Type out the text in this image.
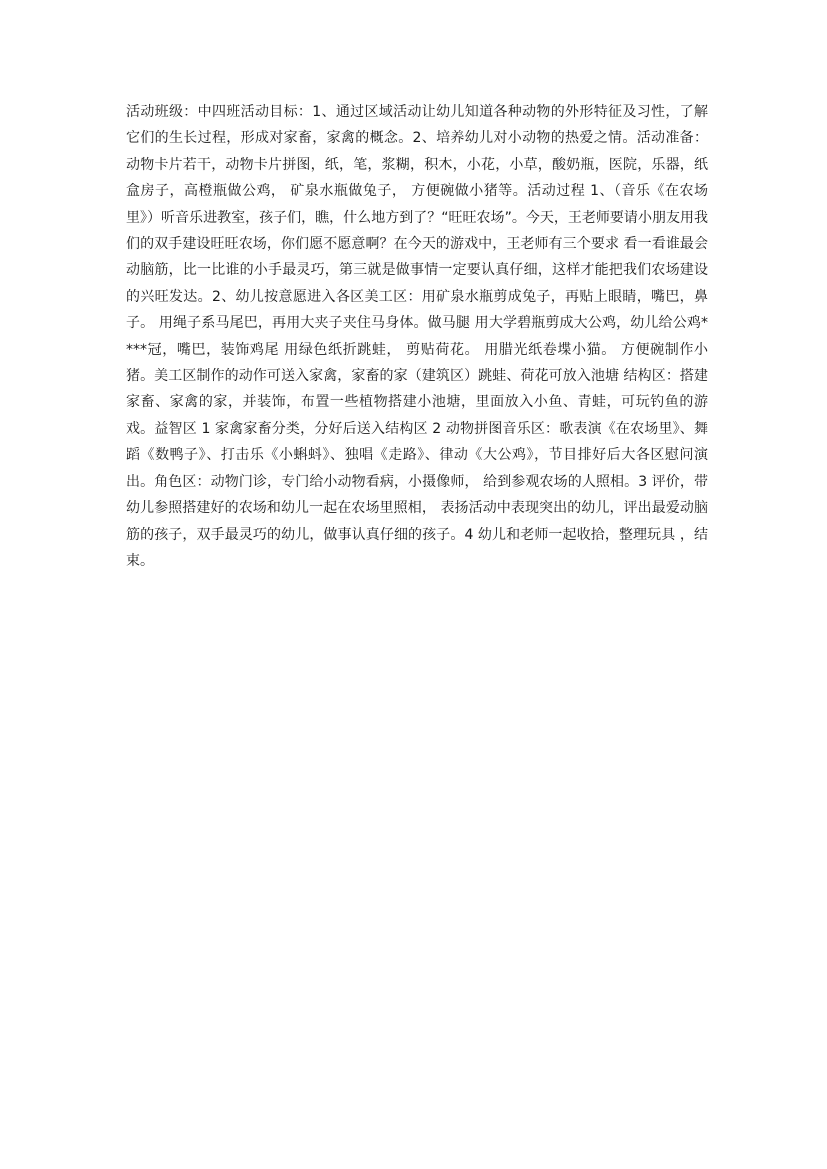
活动班级：中四班活动目标：1、通过区域活动让幼儿知道各种动物的外形特征及习性，了解它们的生长过程，形成对家畜，家禽的概念。2、培养幼儿对小动物的热爱之情。活动准备： 动物卡片若干，动物卡片拼图，纸，笔，浆糊，积木，小花，小草，酸奶瓶，医院，乐器，纸盒房子，高橙瓶做公鸡， 矿泉水瓶做兔子， 方便碗做小猪等。活动过程 1、（音乐《在农场里》）听音乐进教室，孩子们，瞧，什么地方到了？“旺旺农场”。今天，王老师要请小朋友用我们的双手建设旺旺农场，你们愿不愿意啊？在今天的游戏中，王老师有三个要求 看一看谁最会动脑筋，比一比谁的小手最灵巧，第三就是做事情一定要认真仔细，这样才能把我们农场建设的兴旺发达。2、幼儿按意愿进入各区美工区：用矿泉水瓶剪成兔子，再贴上眼睛，嘴巴，鼻子。 用绳子系马尾巴，再用大夹子夹住马身体。做马腿 用大学碧瓶剪成大公鸡，幼儿给公鸡****冠，嘴巴，装饰鸡尾 用绿色纸折跳蛙， 剪贴荷花。 用腊光纸卷堞小猫。 方便碗制作小猪。美工区制作的动作可送入家禽，家畜的家（建筑区）跳蛙、荷花可放入池塘 结构区：搭建家畜、家禽的家，并装饰，布置一些植物搭建小池塘，里面放入小鱼、青蛙，可玩钓鱼的游戏。益智区 1 家禽家畜分类，分好后送入结构区 2 动物拼图音乐区：歌表演《在农场里》、舞蹈《数鸭子》、打击乐《小蝌蚪》、独唱《走路》、律动《大公鸡》，节目排好后大各区慰问演出。角色区：动物门诊，专门给小动物看病，小摄像师， 给到参观农场的人照相。3 评价，带幼儿参照搭建好的农场和幼儿一起在农场里照相， 表扬活动中表现突出的幼儿，评出最爱动脑筋的孩子，双手最灵巧的幼儿，做事认真仔细的孩子。4 幼儿和老师一起收拾，整理玩具 ，结束。
